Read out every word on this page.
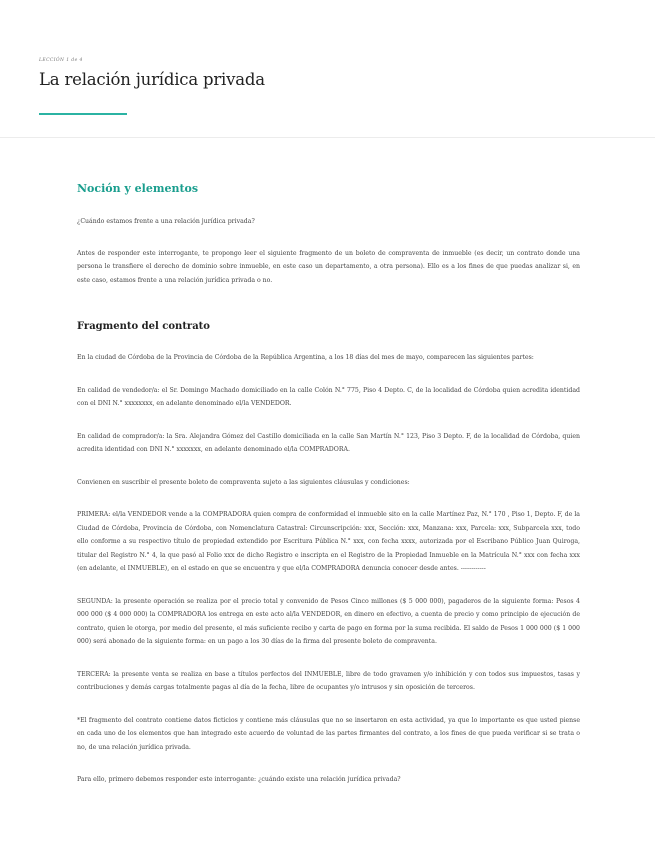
LECCIÓN 1 de 4
La relación jurídica privada
Noción y elementos

¿Cuándo estamos frente a una relación jurídica privada?

Antes de responder este interrogante, te propongo leer el siguiente fragmento de un boleto de compraventa de inmueble (es decir, un contrato donde una persona le transfiere el derecho de dominio sobre inmueble, en este caso un departamento, a otra persona). Ello es a los fines de que puedas analizar si, en este caso, estamos frente a una relación jurídica privada o no.

Fragmento del contrato

En la ciudad de Córdoba de la Provincia de Córdoba de la República Argentina, a los 18 días del mes de mayo, comparecen las siguientes partes:

En calidad de vendedor/a: el Sr. Domingo Machado domiciliado en la calle Colón N.° 775, Piso 4 Depto. C, de la localidad de Córdoba quien acredita identidad con el DNI N.° xxxxxxxx, en adelante denominado el/la VENDEDOR.

En calidad de comprador/a: la Sra. Alejandra Gómez del Castillo domiciliada en la calle San Martín N.° 123, Piso 3 Depto. F, de la localidad de Córdoba, quien acredita identidad con DNI N.° xxxxxxx, en adelante denominado el/la COMPRADORA.

Convienen en suscribir el presente boleto de compraventa sujeto a las siguientes cláusulas y condiciones:

PRIMERA: el/la VENDEDOR vende a la COMPRADORA quien compra de conformidad el inmueble sito en la calle Martínez Paz, N.° 170 , Piso 1, Depto. F, de la Ciudad de Córdoba, Provincia de Córdoba, con Nomenclatura Catastral: Circunscripción: xxx, Sección: xxx, Manzana: xxx, Parcela: xxx, Subparcela xxx, todo ello conforme a su respectivo título de propiedad extendido por Escritura Pública N.° xxx, con fecha xxxx, autorizada por el Escribano Público Juan Quiroga, titular del Registro N.° 4, la que pasó al Folio xxx de dicho Registro e inscripta en el Registro de la Propiedad Inmueble en la Matrícula N.° xxx con fecha xxx (en adelante, el INMUEBLE), en el estado en que se encuentra y que el/la COMPRADORA denuncia conocer desde antes. ------------

SEGUNDA: la presente operación se realiza por el precio total y convenido de Pesos Cinco millones ($ 5 000 000), pagaderos de la siguiente forma: Pesos 4 000 000 ($ 4 000 000) la COMPRADORA los entrega en este acto al/la VENDEDOR, en dinero en efectivo, a cuenta de precio y como principio de ejecución de contrato, quien le otorga, por medio del presente, el más suficiente recibo y carta de pago en forma por la suma recibida. El saldo de Pesos 1 000 000 ($ 1 000 000) será abonado de la siguiente forma: en un pago a los 30 días de la firma del presente boleto de compraventa.

TERCERA: la presente venta se realiza en base a títulos perfectos del INMUEBLE, libre de todo gravamen y/o inhibición y con todos sus impuestos, tasas y contribuciones y demás cargas totalmente pagas al día de la fecha, libre de ocupantes y/o intrusos y sin oposición de terceros.

*El fragmento del contrato contiene datos ficticios y contiene más cláusulas que no se insertaron en esta actividad, ya que lo importante es que usted piense en cada uno de los elementos que han integrado este acuerdo de voluntad de las partes firmantes del contrato, a los fines de que pueda verificar si se trata o no, de una relación jurídica privada.

Para ello, primero debemos responder este interrogante: ¿cuándo existe una relación jurídica privada?
